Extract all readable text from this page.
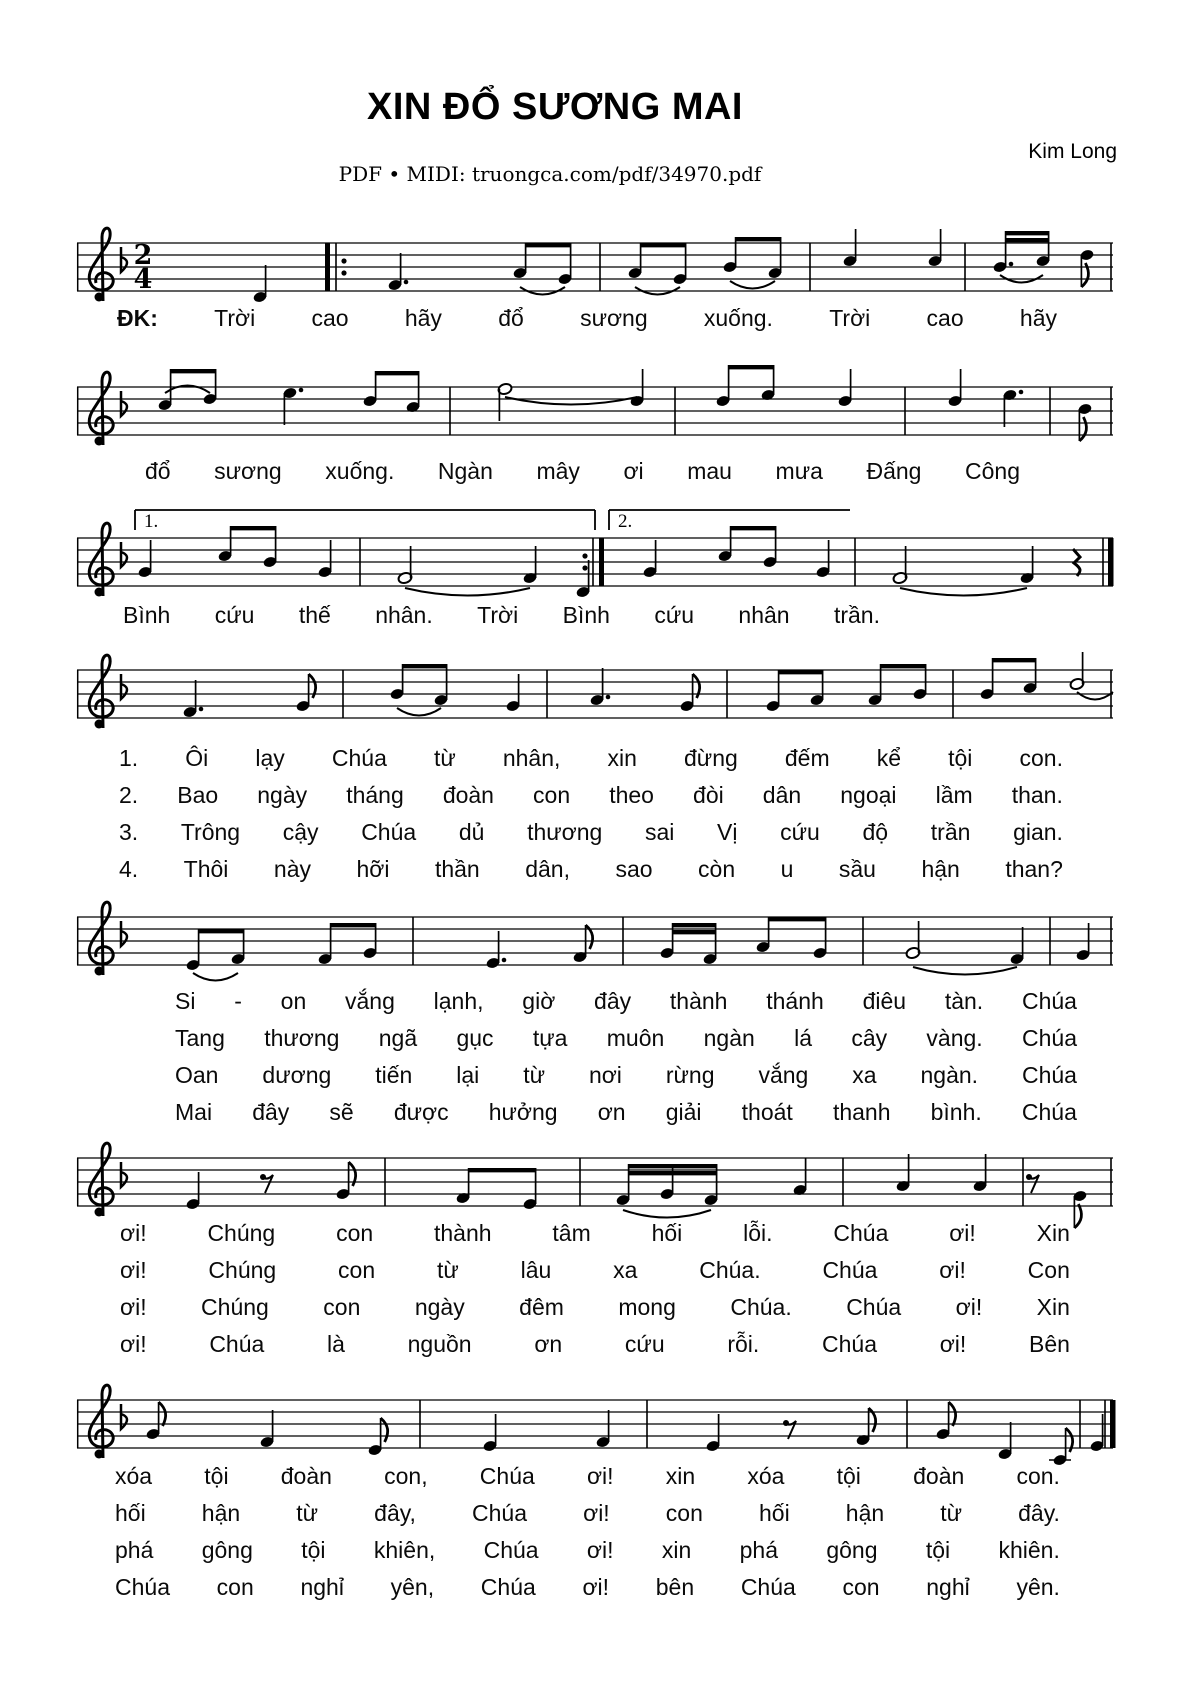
XIN ĐỔ SƯƠNG MAI
Kim Long
PDF • MIDI: truongca.com/pdf/34970.pdf
2
4
ĐK: Trời cao hãy đổ sương xuống. Trời cao hãy
đổ sương xuống. Ngàn mây ơi mau mưa Đấng Công
1.	2.
Bình cứu thế nhân. Trời Bình cứu nhân trần.
1. Ôi lạy Chúa từ nhân, xin đừng đếm kể tội con.
2. Bao ngày tháng đoàn con theo đòi dân ngoại lầm than.
3. Trông cậy Chúa dủ thương sai Vị cứu độ trần gian.
4. Thôi này hỡi thần dân, sao còn u sầu hận than?
Si - on vắng lạnh, giờ đây thành thánh điêu tàn. Chúa
Tang thương ngã gục tựa muôn ngàn lá cây vàng. Chúa
Oan dương tiến lại từ nơi rừng vắng xa ngàn. Chúa
Mai đây sẽ được hưởng ơn giải thoát thanh bình. Chúa
ơi!	Chúng	con	thành	tâm	hối	lỗi.	Chúa	ơi!	Xin
ơi!	Chúng	con	từ	lâu	xa	Chúa.	Chúa	ơi!	Con
ơi! Chúng con ngày đêm mong Chúa. Chúa ơi! Xin
ơi!	Chúa	là	nguồn	ơn	cứu	rỗi.	Chúa	ơi!	Bên
xóa tội đoàn con, Chúa ơi! xin xóa tội đoàn con.
hối hận từ đây, Chúa ơi! con hối hận từ đây.
phá gông tội khiên, Chúa ơi! xin phá gông tội khiên.
Chúa con nghỉ yên, Chúa ơi! bên Chúa con nghỉ yên.
